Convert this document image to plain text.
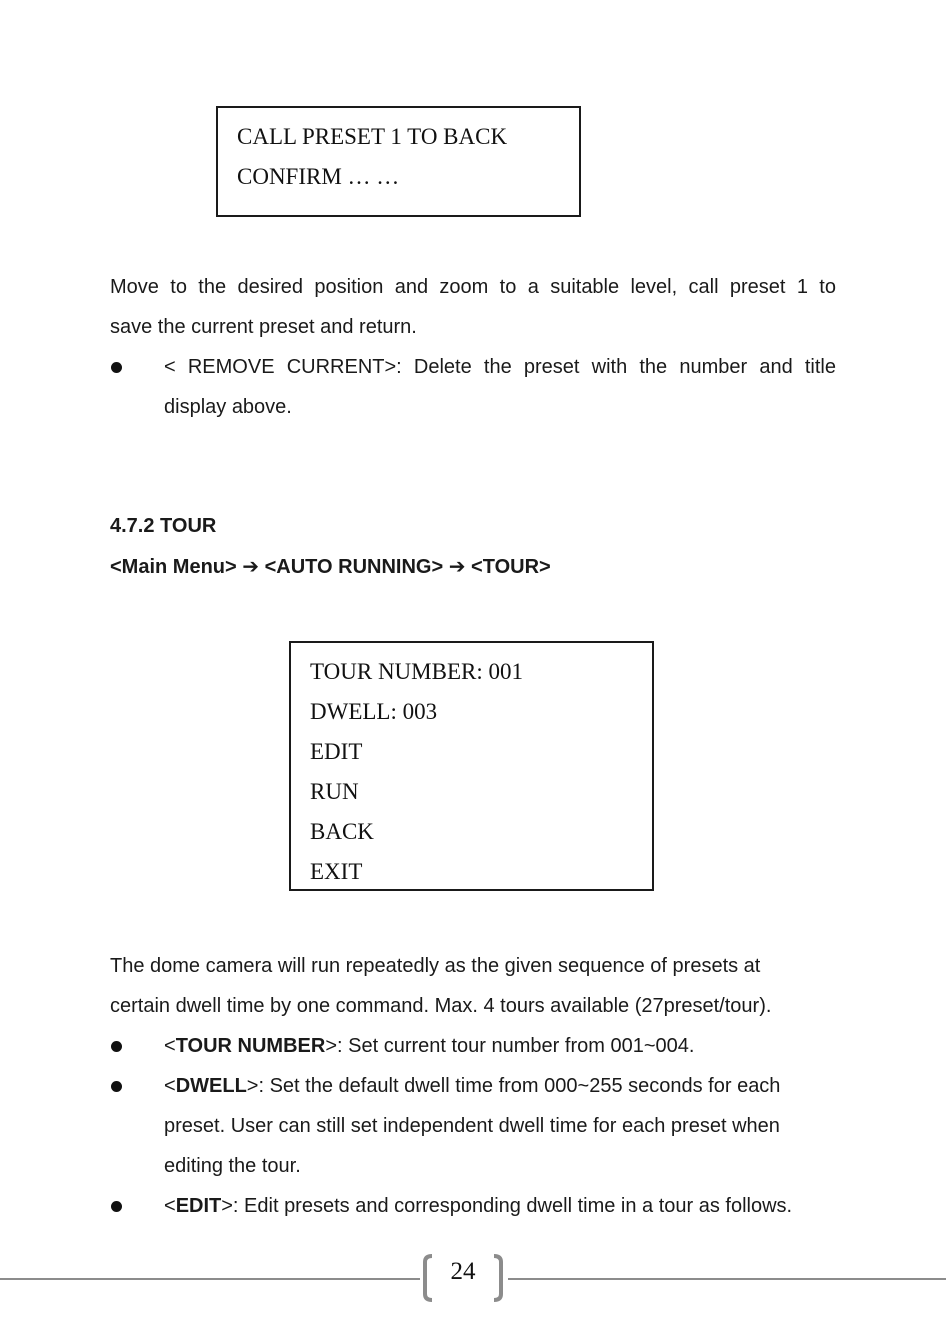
CALL PRESET 1 TO BACK
CONFIRM … …
Move to the desired position and zoom to a suitable level, call preset 1 to
save the current preset and return.
< REMOVE CURRENT>: Delete the preset with the number and title
display above.
4.7.2 TOUR
<Main Menu> ➔ <AUTO RUNNING> ➔ <TOUR>
TOUR NUMBER: 001
DWELL: 003
EDIT
RUN
BACK
EXIT
The dome camera will run repeatedly as the given sequence of presets at
certain dwell time by one command. Max. 4 tours available (27preset/tour).
<TOUR NUMBER>: Set current tour number from 001~004.
<DWELL>: Set the default dwell time from 000~255 seconds for each
preset. User can still set independent dwell time for each preset when
editing the tour.
<EDIT>: Edit presets and corresponding dwell time in a tour as follows.
24
